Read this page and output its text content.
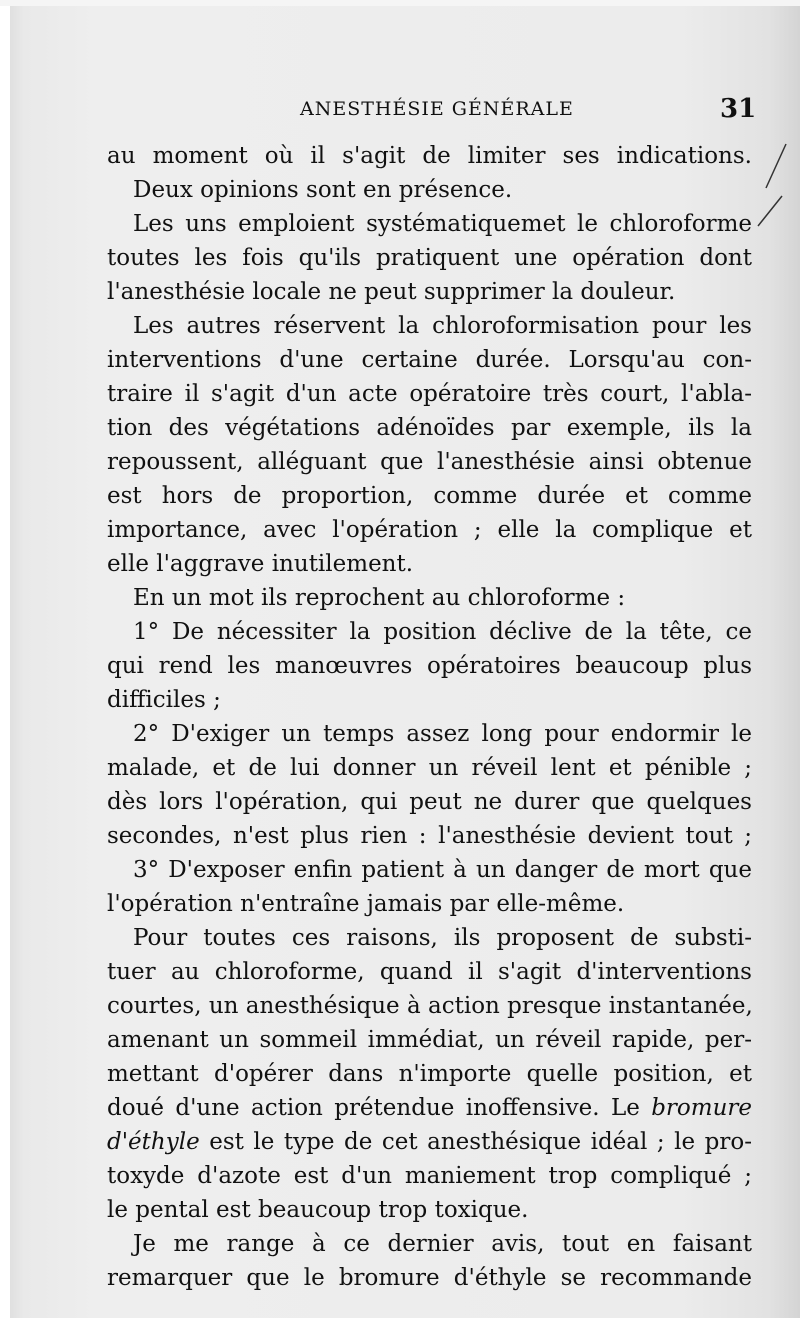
ANESTHÉSIE GÉNÉRALE	31
au moment où il s'agit de limiter ses indications.
Deux opinions sont en présence.
Les uns emploient systématiquemet le chloroforme
toutes les fois qu'ils pratiquent une opération dont
l'anesthésie locale ne peut supprimer la douleur.
Les autres réservent la chloroformisation pour les
interventions d'une certaine durée. Lorsqu'au con-
traire il s'agit d'un acte opératoire très court, l'abla-
tion des végétations adénoïdes par exemple, ils la
repoussent, alléguant que l'anesthésie ainsi obtenue
est hors de proportion, comme durée et comme
importance, avec l'opération ; elle la complique et
elle l'aggrave inutilement.
En un mot ils reprochent au chloroforme :
1° De nécessiter la position déclive de la tête, ce
qui rend les manœuvres opératoires beaucoup plus
difficiles ;
2° D'exiger un temps assez long pour endormir le
malade, et de lui donner un réveil lent et pénible ;
dès lors l'opération, qui peut ne durer que quelques
secondes, n'est plus rien : l'anesthésie devient tout ;
3° D'exposer enfin patient à un danger de mort que
l'opération n'entraîne jamais par elle-même.
Pour toutes ces raisons, ils proposent de substi-
tuer au chloroforme, quand il s'agit d'interventions
courtes, un anesthésique à action presque instantanée,
amenant un sommeil immédiat, un réveil rapide, per-
mettant d'opérer dans n'importe quelle position, et
doué d'une action prétendue inoffensive. Le bromure
d'éthyle est le type de cet anesthésique idéal ; le pro-
toxyde d'azote est d'un maniement trop compliqué ;
le pental est beaucoup trop toxique.
Je me range à ce dernier avis, tout en faisant
remarquer que le bromure d'éthyle se recommande
